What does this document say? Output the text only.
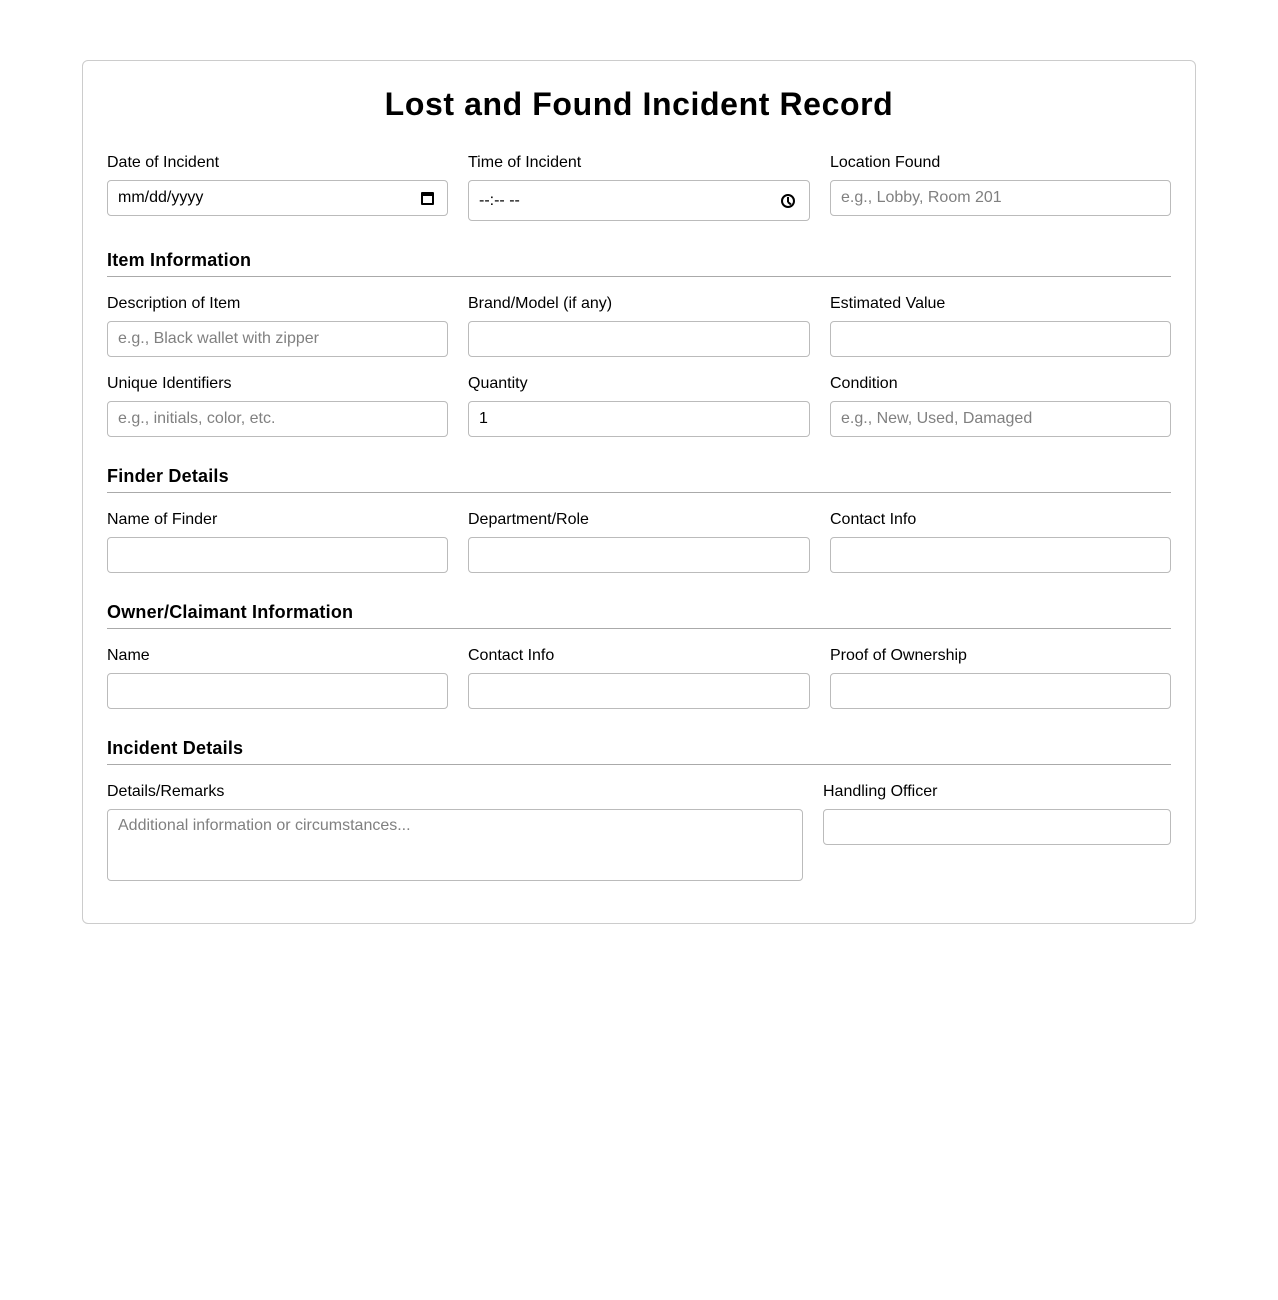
Lost and Found Incident Record
Date of Incident
mm/dd/yyyy
Time of Incident
--:-- --
Location Found
e.g., Lobby, Room 201
Item Information
Description of Item
e.g., Black wallet with zipper
Brand/Model (if any)	Estimated Value
Unique Identifiers
e.g., initials, color, etc.
Quantity
1
Condition
e.g., New, Used, Damaged
Finder Details
Name of Finder	Department/Role	Contact Info
Owner/Claimant Information
Name	Contact Info	Proof of Ownership
Incident Details
Details/Remarks
Additional information or circumstances...
Handling Officer
